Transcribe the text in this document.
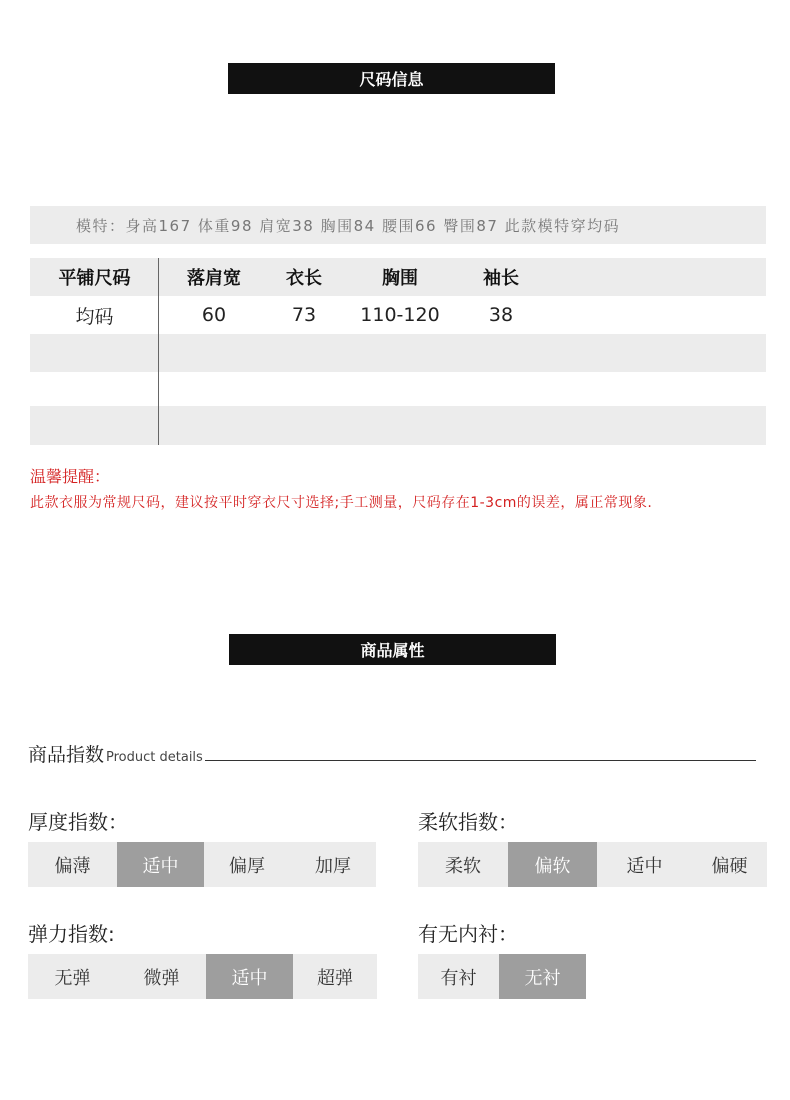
尺码信息
模特：身高167 体重98 肩宽38 胸围84 腰围66 臀围87 此款模特穿均码
平铺尺码	落肩宽	衣长	胸围	袖长
均码	60	73	110-120	38
温馨提醒：
此款衣服为常规尺码，建议按平时穿衣尺寸选择;手工测量，尺码存在1-3cm的误差，属正常现象.
商品属性
商品指数 Product details
厚度指数：
偏薄	适中	偏厚	加厚
柔软指数：
柔软	偏软	适中	偏硬
弹力指数:
无弹	微弹	适中	超弹
有无内衬：
有衬	无衬
